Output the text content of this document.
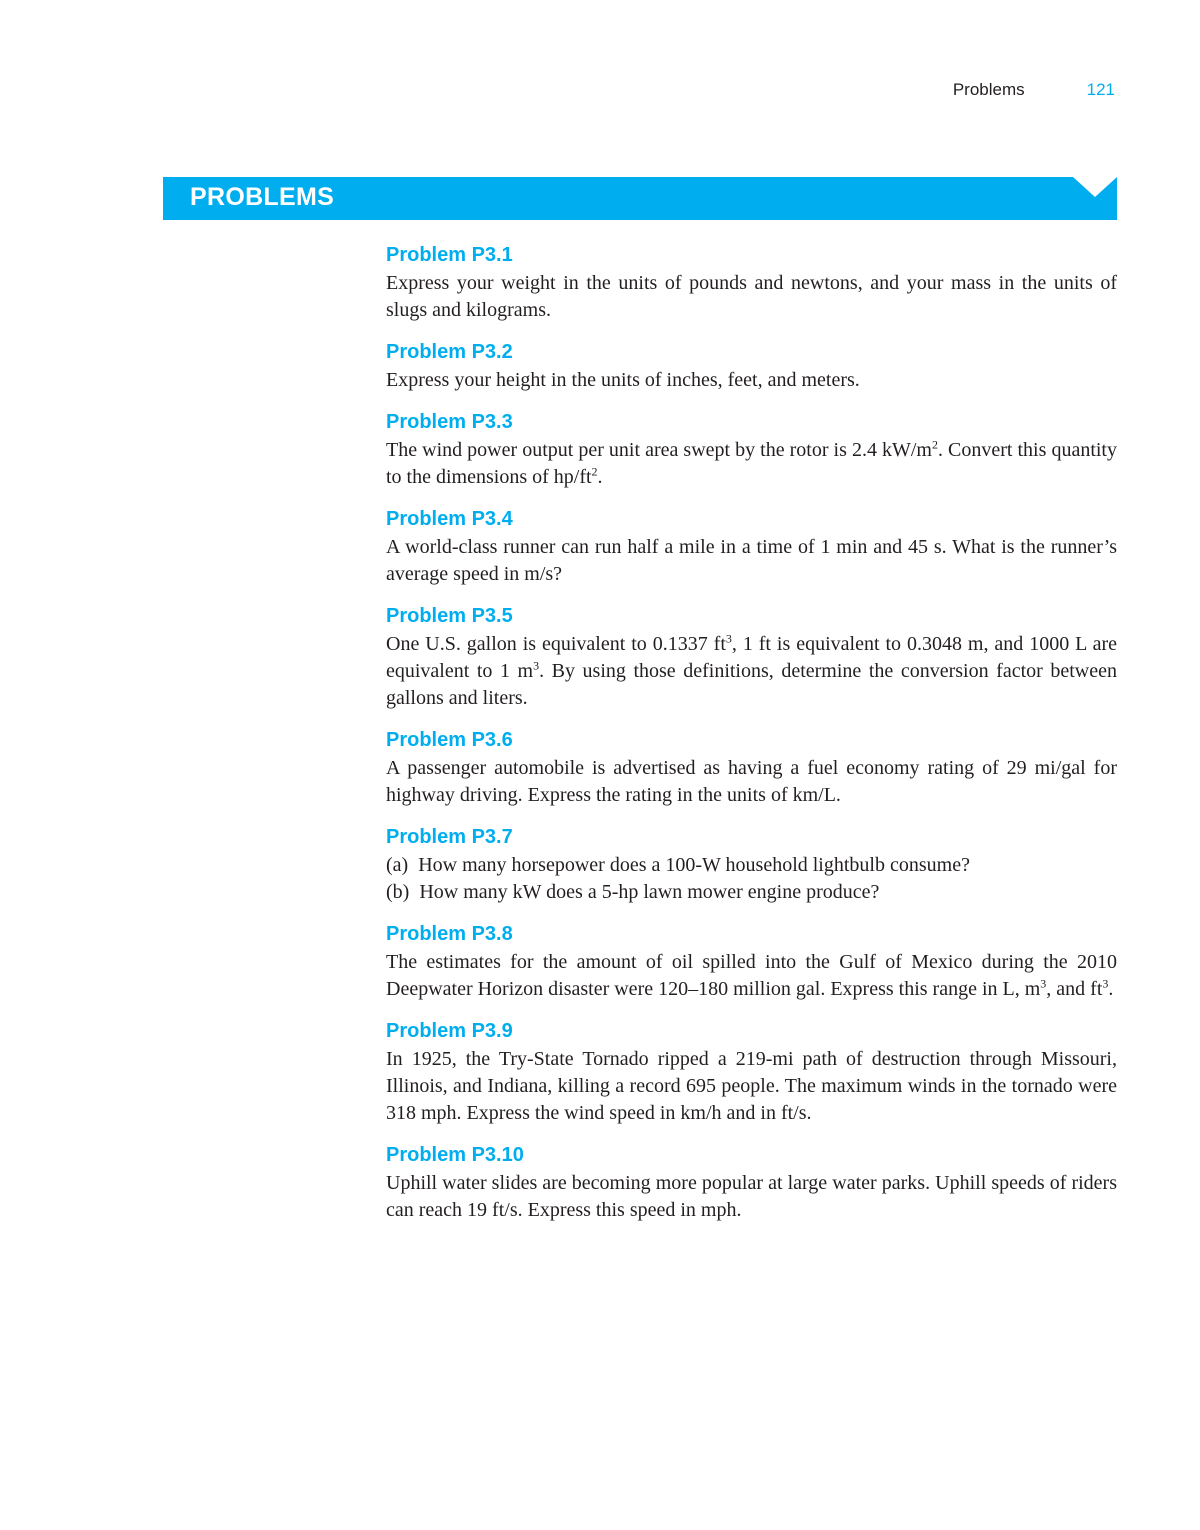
Problems	121
PROBLEMS
Problem P3.1
Express your weight in the units of pounds and newtons, and your mass in the units of slugs and kilograms.
Problem P3.2
Express your height in the units of inches, feet, and meters.
Problem P3.3
The wind power output per unit area swept by the rotor is 2.4 $kW/m^2$. Convert this quantity to the dimensions of $hp/ft^2$.
Problem P3.4
A world-class runner can run half a mile in a time of 1 min and 45 s. What is the runner’s average speed in m/s?
Problem P3.5
One U.S. gallon is equivalent to 0.1337 $ft^3$, 1 ft is equivalent to 0.3048 m, and 1000 L are equivalent to 1 $m^3$. By using those definitions, determine the conversion factor between gallons and liters.
Problem P3.6
A passenger automobile is advertised as having a fuel economy rating of 29 mi/gal for highway driving. Express the rating in the units of km/L.
Problem P3.7
(a) How many horsepower does a 100-W household lightbulb consume?
(b) How many kW does a 5-hp lawn mower engine produce?
Problem P3.8
The estimates for the amount of oil spilled into the Gulf of Mexico during the 2010 Deepwater Horizon disaster were 120–180 million gal. Express this range in L, $m^3$, and $ft^3$.
Problem P3.9
In 1925, the Try-State Tornado ripped a 219-mi path of destruction through Missouri, Illinois, and Indiana, killing a record 695 people. The maximum winds in the tornado were 318 mph. Express the wind speed in km/h and in ft/s.
Problem P3.10
Uphill water slides are becoming more popular at large water parks. Uphill speeds of riders can reach 19 ft/s. Express this speed in mph.
